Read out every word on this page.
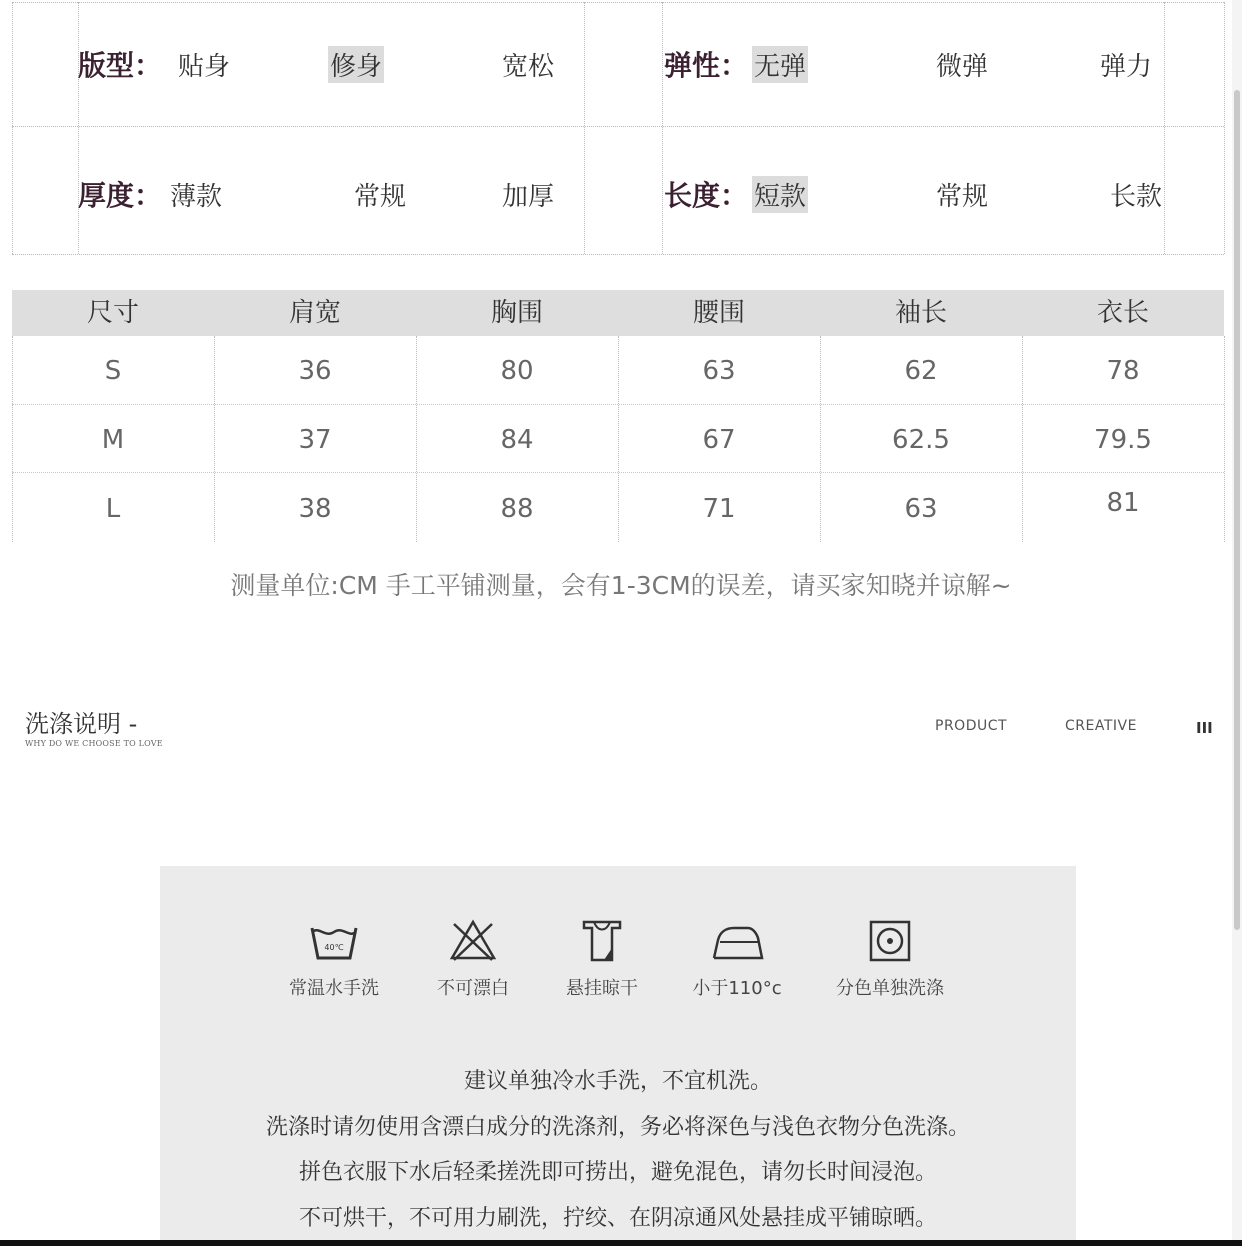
版型： 贴身	修身	宽松	弹性： 无弹	微弹	弹力
厚度： 薄款	常规	加厚	长度： 短款	常规	长款
尺寸	肩宽	胸围	腰围	袖长	衣长
S	36	80	63	62	78
M	37	84	67	62.5	79.5
L	38	88	71	63	81
测量单位:CM 手工平铺测量，会有1-3CM的误差，请买家知晓并谅解~
洗涤说明 -
WHY DO WE CHOOSE TO LOVE
PRODUCT	CREATIVE	III
40℃
常温水手洗	不可漂白	悬挂晾干	小于110°c	分色单独洗涤
建议单独冷水手洗，不宜机洗。
洗涤时请勿使用含漂白成分的洗涤剂，务必将深色与浅色衣物分色洗涤。
拼色衣服下水后轻柔搓洗即可捞出，避免混色，请勿长时间浸泡。
不可烘干，不可用力刷洗，拧绞、在阴凉通风处悬挂成平铺晾晒。
